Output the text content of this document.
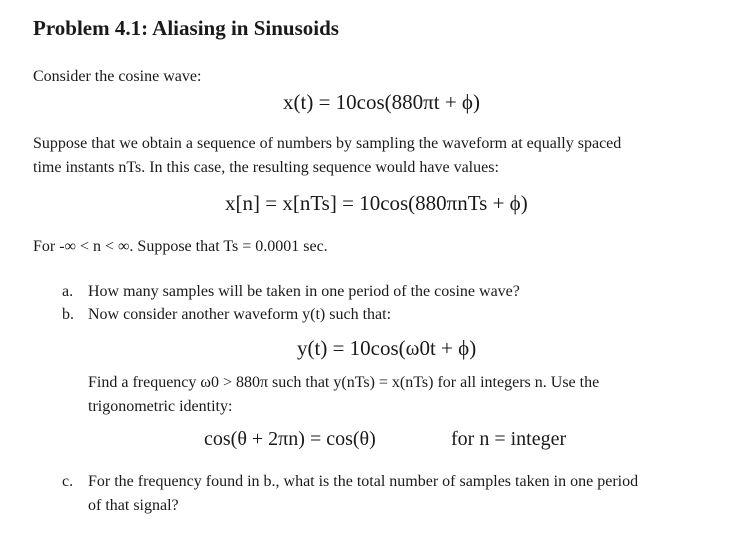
Problem 4.1: Aliasing in Sinusoids
Consider the cosine wave:
x(t) = 10cos(880πt + ϕ)
Suppose that we obtain a sequence of numbers by sampling the waveform at equally spaced
time instants nTs. In this case, the resulting sequence would have values:
x[n] = x[nTs] = 10cos(880πnTs + ϕ)
For -∞ < n < ∞. Suppose that Ts = 0.0001 sec.
a. How many samples will be taken in one period of the cosine wave?
b. Now consider another waveform y(t) such that:
y(t) = 10cos(ω0t + ϕ)
Find a frequency ω0 > 880π such that y(nTs) = x(nTs) for all integers n. Use the
trigonometric identity:
cos(θ + 2πn) = cos(θ)	for n = integer
c. For the frequency found in b., what is the total number of samples taken in one period
of that signal?
